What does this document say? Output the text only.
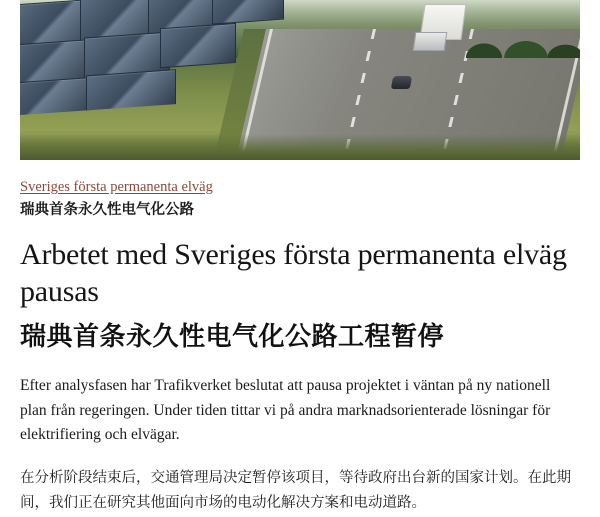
Sveriges första permanenta elväg
瑞典首条永久性电气化公路
Arbetet med Sveriges första permanenta elväg pausas
瑞典首条永久性电气化公路工程暂停

Efter analysfasen har Trafikverket beslutat att pausa projektet i väntan på ny nationell plan från regeringen. Under tiden tittar vi på andra marknadsorienterade lösningar för elektrifiering och elvägar.

在分析阶段结束后，交通管理局决定暂停该项目，等待政府出台新的国家计划。在此期间，我们正在研究其他面向市场的电动化解决方案和电动道路。
